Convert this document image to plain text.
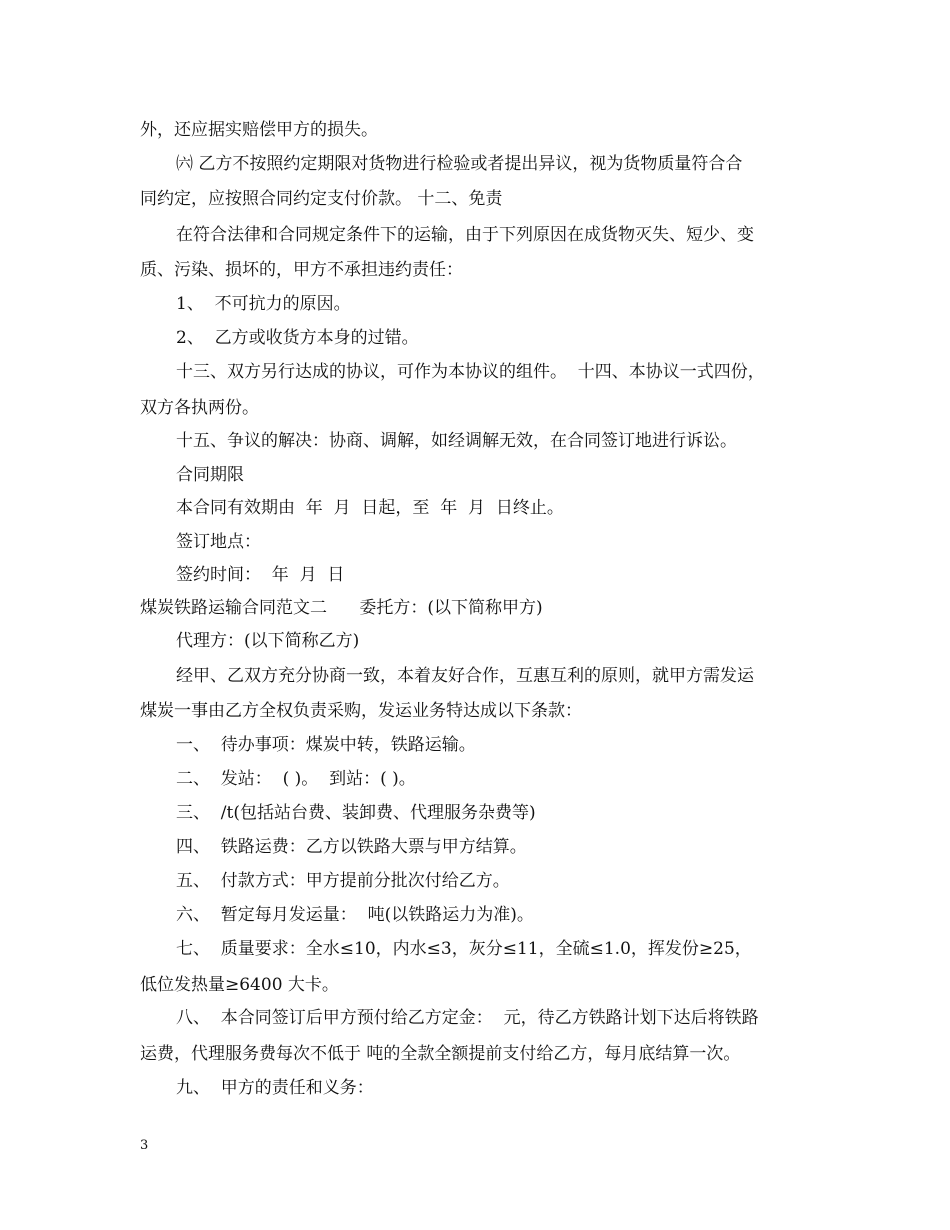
外，还应据实赔偿甲方的损失。
㈥ 乙方不按照约定期限对货物进行检验或者提出异议，视为货物质量符合合
同约定，应按照合同约定支付价款。 十二、免责
在符合法律和合同规定条件下的运输，由于下列原因在成货物灭失、短少、变
质、污染、损坏的，甲方不承担违约责任：
1、  不可抗力的原因。
2、  乙方或收货方本身的过错。
十三、双方另行达成的协议，可作为本协议的组件。  十四、本协议一式四份，
双方各执两份。
十五、争议的解决：协商、调解，如经调解无效，在合同签订地进行诉讼。
合同期限
本合同有效期由  年  月  日起，至  年  月  日终止。
签订地点：
签约时间：  年  月  日
煤炭铁路运输合同范文二      委托方：(以下简称甲方)
代理方：(以下简称乙方)
经甲、乙双方充分协商一致，本着友好合作，互惠互利的原则，就甲方需发运
煤炭一事由乙方全权负责采购，发运业务特达成以下条款：
一、  待办事项：煤炭中转，铁路运输。
二、  发站：  ( )。  到站：( )。
三、  /t(包括站台费、装卸费、代理服务杂费等)
四、  铁路运费：乙方以铁路大票与甲方结算。
五、  付款方式：甲方提前分批次付给乙方。
六、  暂定每月发运量：  吨(以铁路运力为准)。
七、  质量要求：全水≤10，内水≤3，灰分≤11，全硫≤1.0，挥发份≥25，
低位发热量≥6400 大卡。
八、  本合同签订后甲方预付给乙方定金：  元，待乙方铁路计划下达后将铁路
运费，代理服务费每次不低于 吨的全款全额提前支付给乙方，每月底结算一次。
九、  甲方的责任和义务：
3
